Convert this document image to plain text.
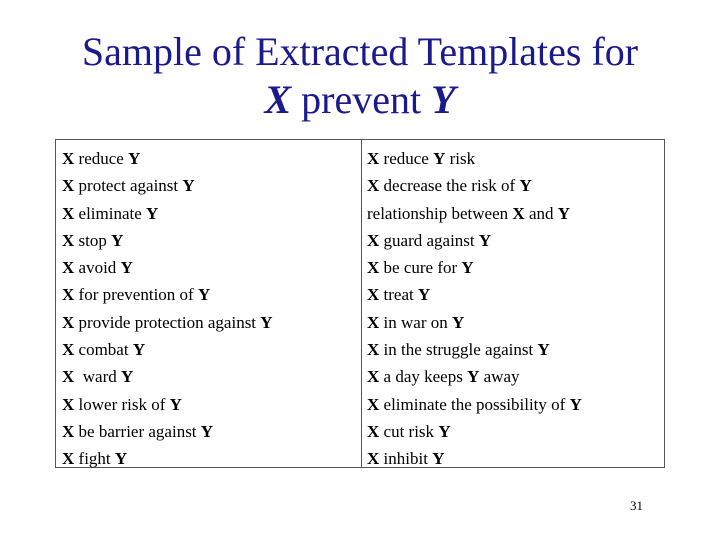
Sample of Extracted Templates for
X prevent Y
X reduce Y
X protect against Y
X eliminate Y
X stop Y
X avoid Y
X for prevention of Y
X provide protection against Y
X combat Y
X  ward Y
X lower risk of Y
X be barrier against Y
X fight Y
X reduce Y risk
X decrease the risk of Y
relationship between X and Y
X guard against Y
X be cure for Y
X treat Y
X in war on Y
X in the struggle against Y
X a day keeps Y away
X eliminate the possibility of Y
X cut risk Y
X inhibit Y
31
